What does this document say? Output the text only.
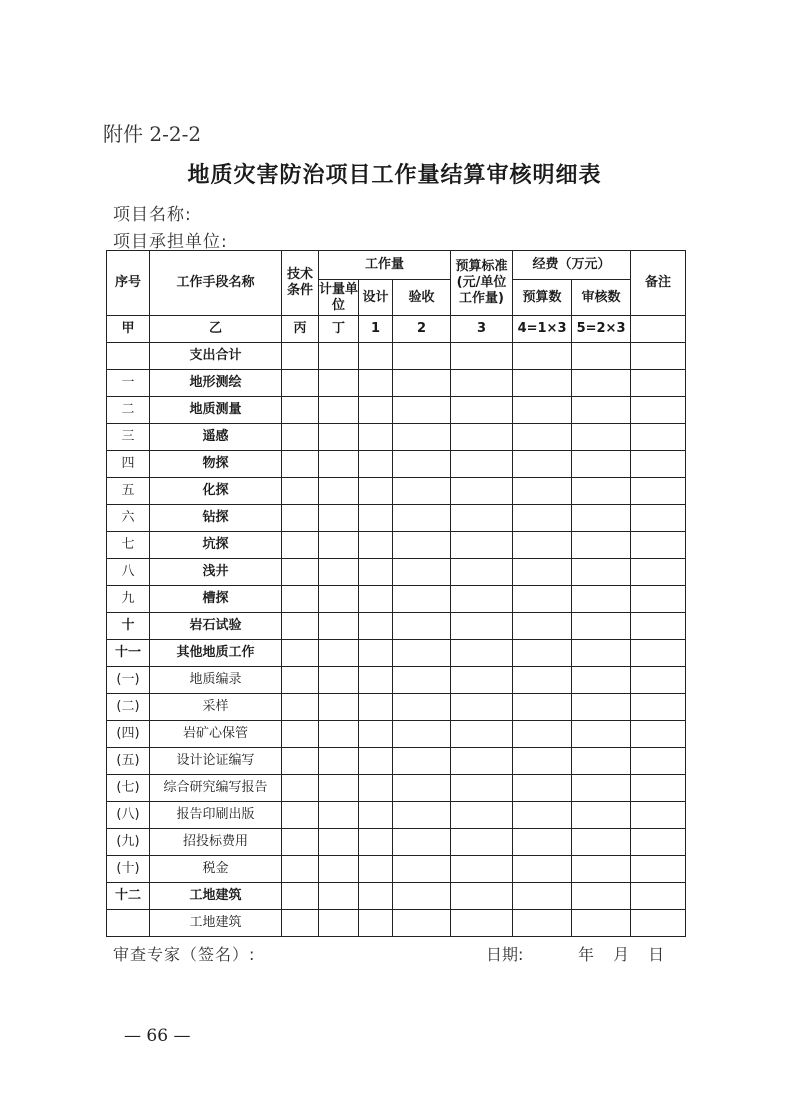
附件 2-2-2
地质灾害防治项目工作量结算审核明细表
项目名称:
项目承担单位:
序号	工作手段名称	技术条件	工作量			预算标准(元/单位工作量)	经费（万元）		备注
			计量单位	设计	验收		预算数	审核数	
甲	乙	丙	丁	1	2	3	4=1×3	5=2×3	
	支出合计								
一	地形测绘								
二	地质测量								
三	遥感								
四	物探								
五	化探								
六	钻探								
七	坑探								
八	浅井								
九	槽探								
十	岩石试验								
十一	其他地质工作								
(一)	地质编录								
(二)	采样								
(四)	岩矿心保管								
(五)	设计论证编写								
(七)	综合研究编写报告								
(八)	报告印刷出版								
(九)	招投标费用								
(十)	税金								
十二	工地建筑								
	工地建筑								
审查专家（签名）:	日期:	年 月 日
— 66 —
